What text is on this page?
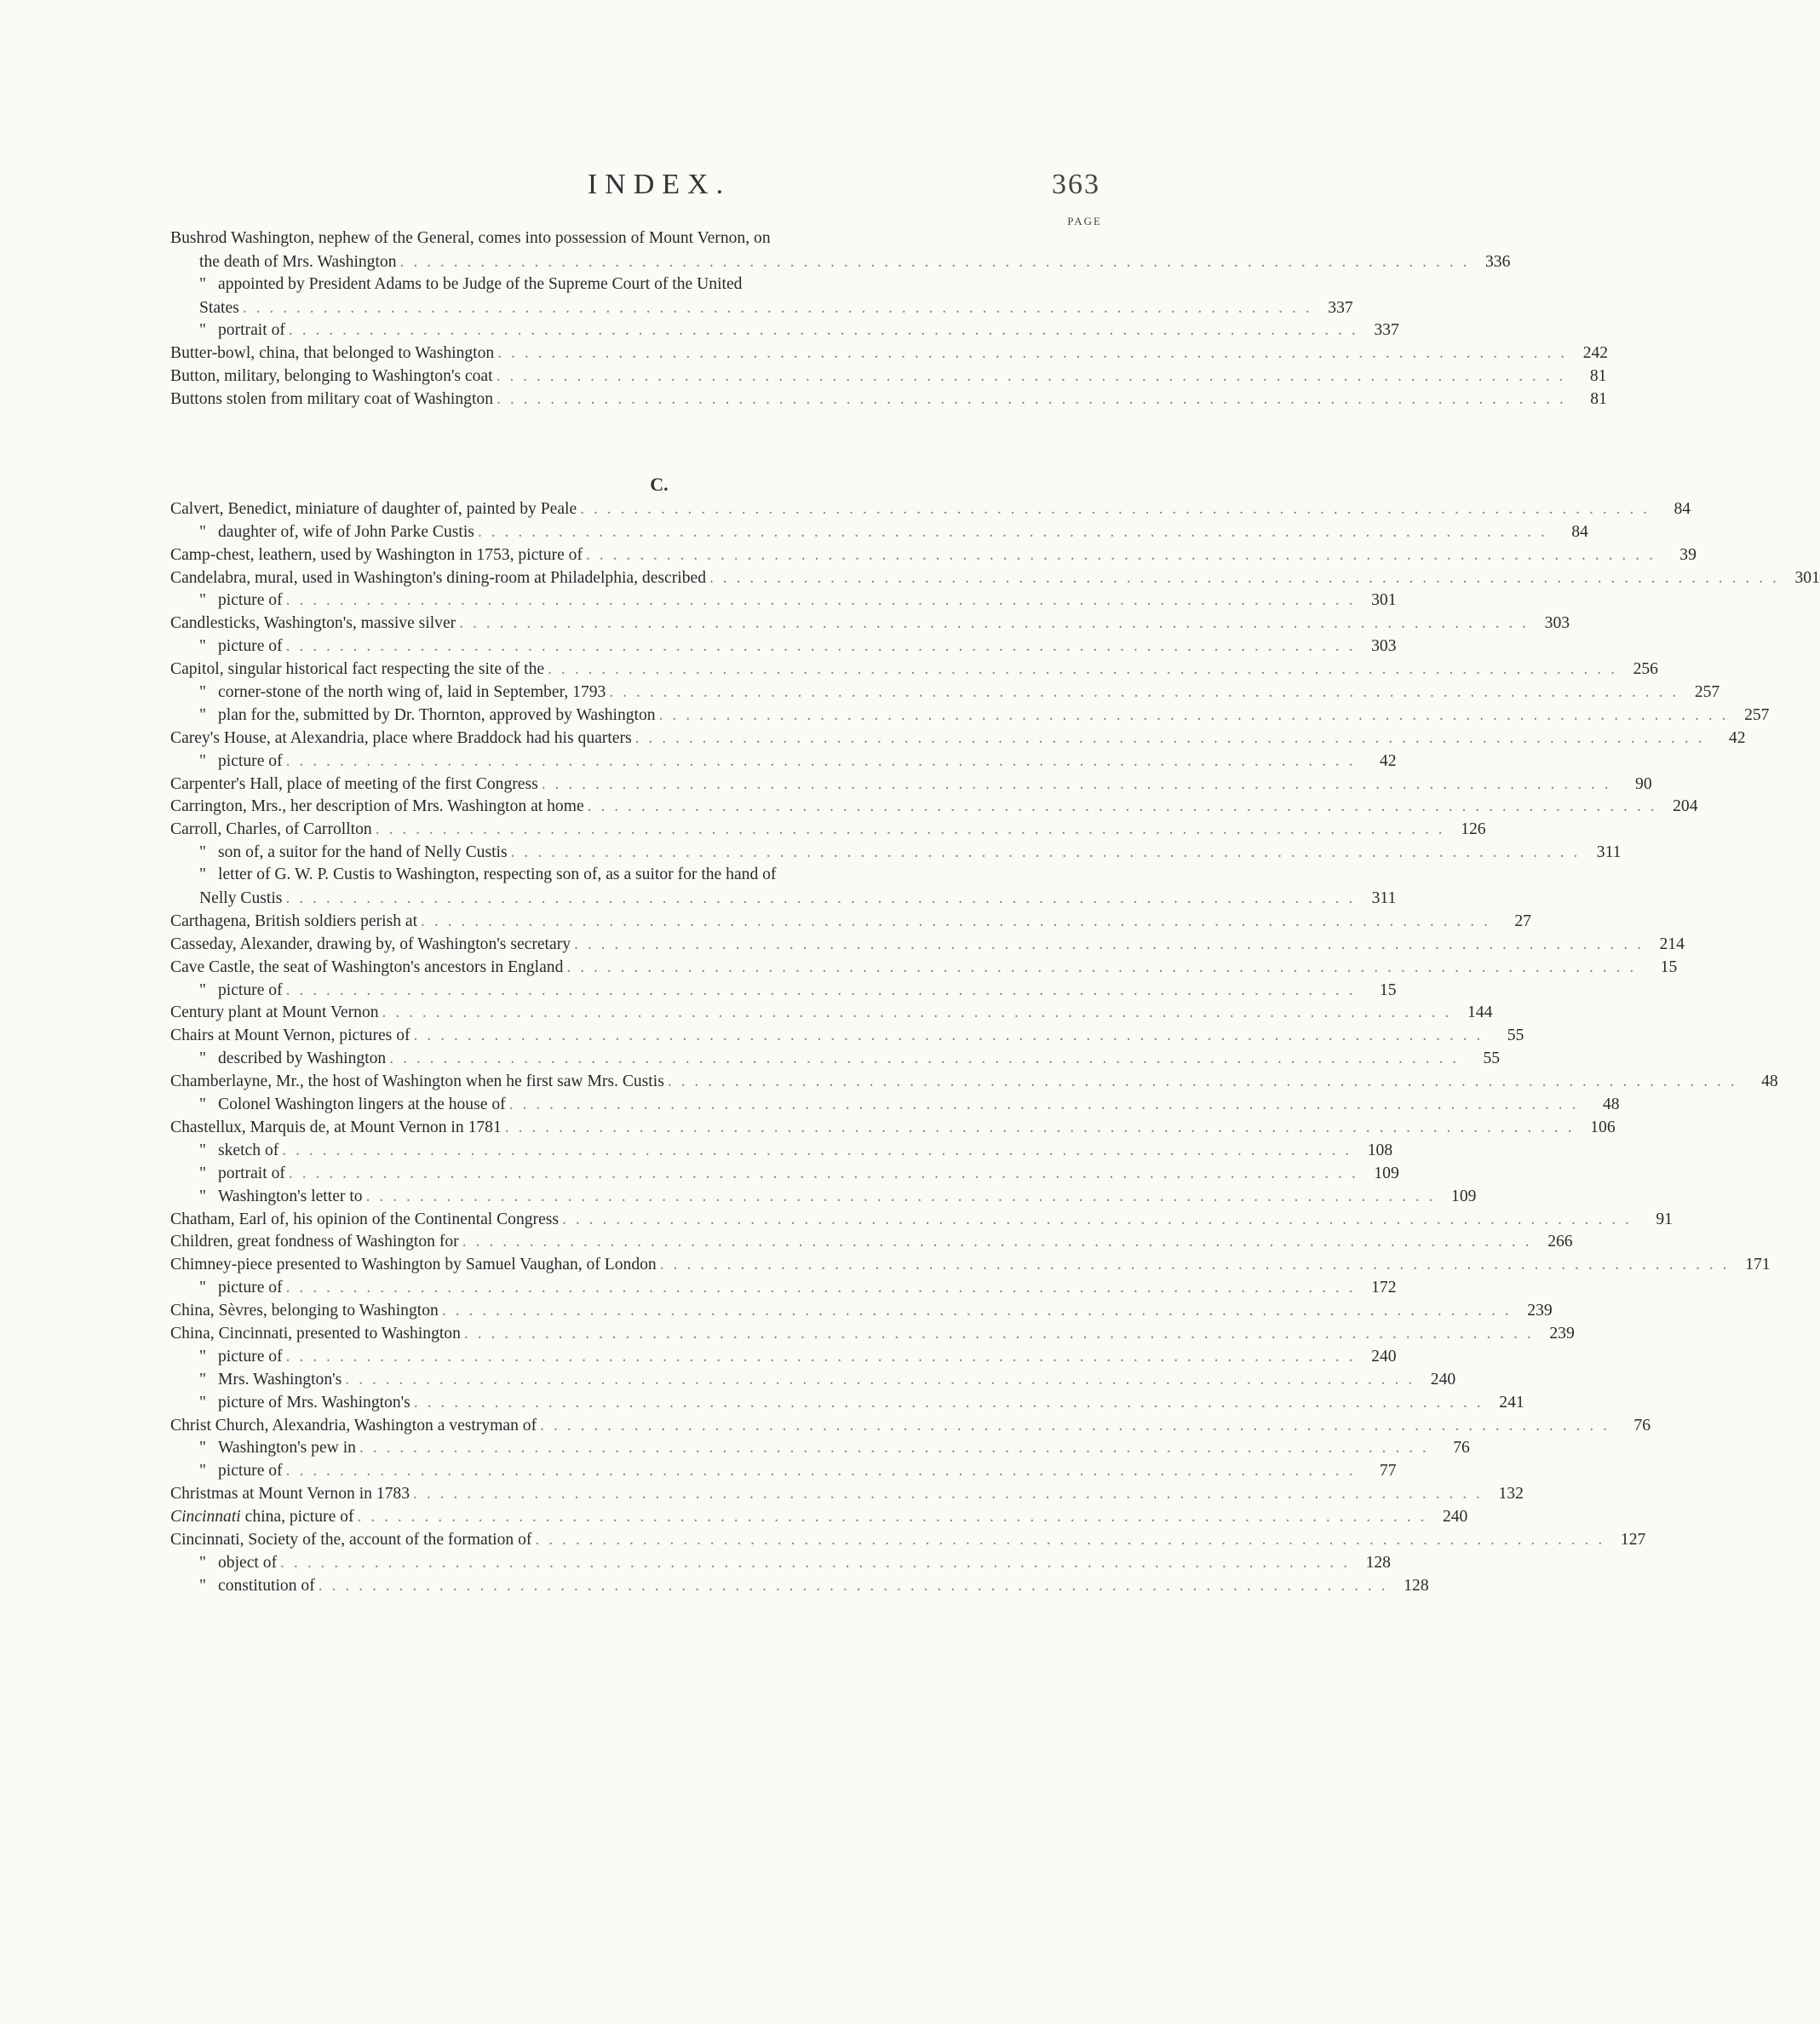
INDEX.	363
PAGE
Bushrod Washington, nephew of the General, comes into possession of Mount Vernon, on
the death of Mrs. Washington . . . . . . . . . . . . . . . . . . . . . . . . . . . . . . . . . . . . . . . . . . . . . . . . . . . . . . . . . . . . . . . . . . . . . . . . . . . . . . . . 336
" appointed by President Adams to be Judge of the Supreme Court of the United
States . . . . . . . . . . . . . . . . . . . . . . . . . . . . . . . . . . . . . . . . . . . . . . . . . . . . . . . . . . . . . . . . . . . . . . . . . . . . . . . . 337
" portrait of . . . . . . . . . . . . . . . . . . . . . . . . . . . . . . . . . . . . . . . . . . . . . . . . . . . . . . . . . . . . . . . . . . . . . . . . . . . . . . . . 337
Butter-bowl, china, that belonged to Washington . . . . . . . . . . . . . . . . . . . . . . . . . . . . . . . . . . . . . . . . . . . . . . . . . . . . . . . . . . . . . . . . . . . . . . . . . . . . . . . . 242
Button, military, belonging to Washington's coat . . . . . . . . . . . . . . . . . . . . . . . . . . . . . . . . . . . . . . . . . . . . . . . . . . . . . . . . . . . . . . . . . . . . . . . . . . . . . . . .	81
Buttons stolen from military coat of Washington . . . . . . . . . . . . . . . . . . . . . . . . . . . . . . . . . . . . . . . . . . . . . . . . . . . . . . . . . . . . . . . . . . . . . . . . . . . . . . . .	81
C.
Calvert, Benedict, miniature of daughter of, painted by Peale . . . . . . . . . . . . . . . . . . . . . . . . . . . . . . . . . . . . . . . . . . . . . . . . . . . . . . . . . . . . . . . . . . . . . . . . . . . . . . . .	84
" daughter of, wife of John Parke Custis . . . . . . . . . . . . . . . . . . . . . . . . . . . . . . . . . . . . . . . . . . . . . . . . . . . . . . . . . . . . . . . . . . . . . . . . . . . . . . . .	84
Camp-chest, leathern, used by Washington in 1753, picture of . . . . . . . . . . . . . . . . . . . . . . . . . . . . . . . . . . . . . . . . . . . . . . . . . . . . . . . . . . . . . . . . . . . . . . . . . . . . . . . .	39
Candelabra, mural, used in Washington's dining-room at Philadelphia, described . . . . . . . . . . . . . . . . . . . . . . . . . . . . . . . . . . . . . . . . . . . . . . . . . . . . . . . . . . . . . . . . . . . . . . . . . . . . . . . . 301
" picture of . . . . . . . . . . . . . . . . . . . . . . . . . . . . . . . . . . . . . . . . . . . . . . . . . . . . . . . . . . . . . . . . . . . . . . . . . . . . . . . . 301
Candlesticks, Washington's, massive silver . . . . . . . . . . . . . . . . . . . . . . . . . . . . . . . . . . . . . . . . . . . . . . . . . . . . . . . . . . . . . . . . . . . . . . . . . . . . . . . . 303
" picture of . . . . . . . . . . . . . . . . . . . . . . . . . . . . . . . . . . . . . . . . . . . . . . . . . . . . . . . . . . . . . . . . . . . . . . . . . . . . . . . . 303
Capitol, singular historical fact respecting the site of the . . . . . . . . . . . . . . . . . . . . . . . . . . . . . . . . . . . . . . . . . . . . . . . . . . . . . . . . . . . . . . . . . . . . . . . . . . . . . . . . 256
" corner-stone of the north wing of, laid in September, 1793 . . . . . . . . . . . . . . . . . . . . . . . . . . . . . . . . . . . . . . . . . . . . . . . . . . . . . . . . . . . . . . . . . . . . . . . . . . . . . . . . 257
" plan for the, submitted by Dr. Thornton, approved by Washington . . . . . . . . . . . . . . . . . . . . . . . . . . . . . . . . . . . . . . . . . . . . . . . . . . . . . . . . . . . . . . . . . . . . . . . . . . . . . . . . 257
Carey's House, at Alexandria, place where Braddock had his quarters . . . . . . . . . . . . . . . . . . . . . . . . . . . . . . . . . . . . . . . . . . . . . . . . . . . . . . . . . . . . . . . . . . . . . . . . . . . . . . . .	42
" picture of . . . . . . . . . . . . . . . . . . . . . . . . . . . . . . . . . . . . . . . . . . . . . . . . . . . . . . . . . . . . . . . . . . . . . . . . . . . . . . . .	42
Carpenter's Hall, place of meeting of the first Congress . . . . . . . . . . . . . . . . . . . . . . . . . . . . . . . . . . . . . . . . . . . . . . . . . . . . . . . . . . . . . . . . . . . . . . . . . . . . . . . .	90
Carrington, Mrs., her description of Mrs. Washington at home . . . . . . . . . . . . . . . . . . . . . . . . . . . . . . . . . . . . . . . . . . . . . . . . . . . . . . . . . . . . . . . . . . . . . . . . . . . . . . . . 204
Carroll, Charles, of Carrollton . . . . . . . . . . . . . . . . . . . . . . . . . . . . . . . . . . . . . . . . . . . . . . . . . . . . . . . . . . . . . . . . . . . . . . . . . . . . . . . . 126
" son of, a suitor for the hand of Nelly Custis . . . . . . . . . . . . . . . . . . . . . . . . . . . . . . . . . . . . . . . . . . . . . . . . . . . . . . . . . . . . . . . . . . . . . . . . . . . . . . . . 311
" letter of G. W. P. Custis to Washington, respecting son of, as a suitor for the hand of
Nelly Custis . . . . . . . . . . . . . . . . . . . . . . . . . . . . . . . . . . . . . . . . . . . . . . . . . . . . . . . . . . . . . . . . . . . . . . . . . . . . . . . . 311
Carthagena, British soldiers perish at . . . . . . . . . . . . . . . . . . . . . . . . . . . . . . . . . . . . . . . . . . . . . . . . . . . . . . . . . . . . . . . . . . . . . . . . . . . . . . . .	27
Casseday, Alexander, drawing by, of Washington's secretary . . . . . . . . . . . . . . . . . . . . . . . . . . . . . . . . . . . . . . . . . . . . . . . . . . . . . . . . . . . . . . . . . . . . . . . . . . . . . . . . 214
Cave Castle, the seat of Washington's ancestors in England . . . . . . . . . . . . . . . . . . . . . . . . . . . . . . . . . . . . . . . . . . . . . . . . . . . . . . . . . . . . . . . . . . . . . . . . . . . . . . . .	15
" picture of . . . . . . . . . . . . . . . . . . . . . . . . . . . . . . . . . . . . . . . . . . . . . . . . . . . . . . . . . . . . . . . . . . . . . . . . . . . . . . . .	15
Century plant at Mount Vernon . . . . . . . . . . . . . . . . . . . . . . . . . . . . . . . . . . . . . . . . . . . . . . . . . . . . . . . . . . . . . . . . . . . . . . . . . . . . . . . . 144
Chairs at Mount Vernon, pictures of . . . . . . . . . . . . . . . . . . . . . . . . . . . . . . . . . . . . . . . . . . . . . . . . . . . . . . . . . . . . . . . . . . . . . . . . . . . . . . . .	55
" described by Washington . . . . . . . . . . . . . . . . . . . . . . . . . . . . . . . . . . . . . . . . . . . . . . . . . . . . . . . . . . . . . . . . . . . . . . . . . . . . . . . .	55
Chamberlayne, Mr., the host of Washington when he first saw Mrs. Custis . . . . . . . . . . . . . . . . . . . . . . . . . . . . . . . . . . . . . . . . . . . . . . . . . . . . . . . . . . . . . . . . . . . . . . . . . . . . . . . .	48
" Colonel Washington lingers at the house of . . . . . . . . . . . . . . . . . . . . . . . . . . . . . . . . . . . . . . . . . . . . . . . . . . . . . . . . . . . . . . . . . . . . . . . . . . . . . . . .	48
Chastellux, Marquis de, at Mount Vernon in 1781 . . . . . . . . . . . . . . . . . . . . . . . . . . . . . . . . . . . . . . . . . . . . . . . . . . . . . . . . . . . . . . . . . . . . . . . . . . . . . . . . 106
" sketch of . . . . . . . . . . . . . . . . . . . . . . . . . . . . . . . . . . . . . . . . . . . . . . . . . . . . . . . . . . . . . . . . . . . . . . . . . . . . . . . . 108
" portrait of . . . . . . . . . . . . . . . . . . . . . . . . . . . . . . . . . . . . . . . . . . . . . . . . . . . . . . . . . . . . . . . . . . . . . . . . . . . . . . . . 109
" Washington's letter to . . . . . . . . . . . . . . . . . . . . . . . . . . . . . . . . . . . . . . . . . . . . . . . . . . . . . . . . . . . . . . . . . . . . . . . . . . . . . . . . 109
Chatham, Earl of, his opinion of the Continental Congress . . . . . . . . . . . . . . . . . . . . . . . . . . . . . . . . . . . . . . . . . . . . . . . . . . . . . . . . . . . . . . . . . . . . . . . . . . . . . . . .	91
Children, great fondness of Washington for . . . . . . . . . . . . . . . . . . . . . . . . . . . . . . . . . . . . . . . . . . . . . . . . . . . . . . . . . . . . . . . . . . . . . . . . . . . . . . . . 266
Chimney-piece presented to Washington by Samuel Vaughan, of London . . . . . . . . . . . . . . . . . . . . . . . . . . . . . . . . . . . . . . . . . . . . . . . . . . . . . . . . . . . . . . . . . . . . . . . . . . . . . . . . 171
" picture of . . . . . . . . . . . . . . . . . . . . . . . . . . . . . . . . . . . . . . . . . . . . . . . . . . . . . . . . . . . . . . . . . . . . . . . . . . . . . . . . 172
China, Sèvres, belonging to Washington . . . . . . . . . . . . . . . . . . . . . . . . . . . . . . . . . . . . . . . . . . . . . . . . . . . . . . . . . . . . . . . . . . . . . . . . . . . . . . . . 239
China, Cincinnati, presented to Washington . . . . . . . . . . . . . . . . . . . . . . . . . . . . . . . . . . . . . . . . . . . . . . . . . . . . . . . . . . . . . . . . . . . . . . . . . . . . . . . . 239
" picture of . . . . . . . . . . . . . . . . . . . . . . . . . . . . . . . . . . . . . . . . . . . . . . . . . . . . . . . . . . . . . . . . . . . . . . . . . . . . . . . . 240
" Mrs. Washington's . . . . . . . . . . . . . . . . . . . . . . . . . . . . . . . . . . . . . . . . . . . . . . . . . . . . . . . . . . . . . . . . . . . . . . . . . . . . . . . . 240
" picture of Mrs. Washington's . . . . . . . . . . . . . . . . . . . . . . . . . . . . . . . . . . . . . . . . . . . . . . . . . . . . . . . . . . . . . . . . . . . . . . . . . . . . . . . . 241
Christ Church, Alexandria, Washington a vestryman of . . . . . . . . . . . . . . . . . . . . . . . . . . . . . . . . . . . . . . . . . . . . . . . . . . . . . . . . . . . . . . . . . . . . . . . . . . . . . . . .	76
" Washington's pew in . . . . . . . . . . . . . . . . . . . . . . . . . . . . . . . . . . . . . . . . . . . . . . . . . . . . . . . . . . . . . . . . . . . . . . . . . . . . . . . .	76
" picture of . . . . . . . . . . . . . . . . . . . . . . . . . . . . . . . . . . . . . . . . . . . . . . . . . . . . . . . . . . . . . . . . . . . . . . . . . . . . . . . .	77
Christmas at Mount Vernon in 1783 . . . . . . . . . . . . . . . . . . . . . . . . . . . . . . . . . . . . . . . . . . . . . . . . . . . . . . . . . . . . . . . . . . . . . . . . . . . . . . . . 132
Cincinnati china, picture of . . . . . . . . . . . . . . . . . . . . . . . . . . . . . . . . . . . . . . . . . . . . . . . . . . . . . . . . . . . . . . . . . . . . . . . . . . . . . . . . 240
Cincinnati, Society of the, account of the formation of . . . . . . . . . . . . . . . . . . . . . . . . . . . . . . . . . . . . . . . . . . . . . . . . . . . . . . . . . . . . . . . . . . . . . . . . . . . . . . . . 127
" object of . . . . . . . . . . . . . . . . . . . . . . . . . . . . . . . . . . . . . . . . . . . . . . . . . . . . . . . . . . . . . . . . . . . . . . . . . . . . . . . . 128
" constitution of . . . . . . . . . . . . . . . . . . . . . . . . . . . . . . . . . . . . . . . . . . . . . . . . . . . . . . . . . . . . . . . . . . . . . . . . . . . . . . . . 128
